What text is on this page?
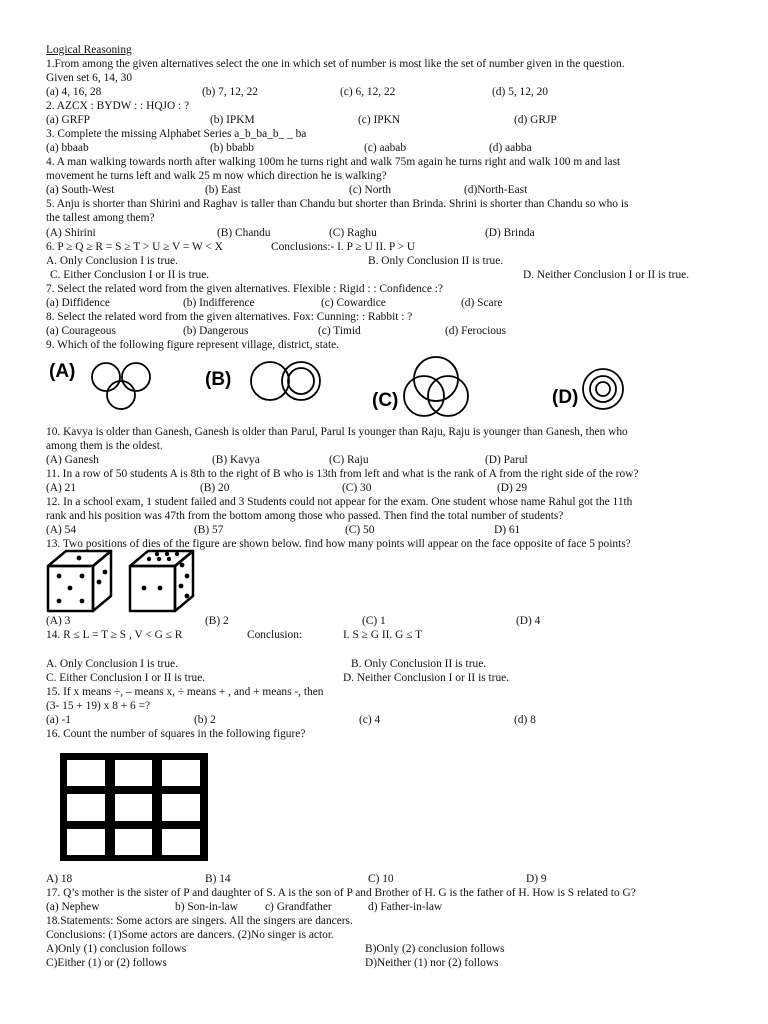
Logical Reasoning
1.From among the given alternatives select the one in which set of number is most like the set of number given in the question.
Given set 6, 14, 30
(a) 4, 16, 28	(b) 7, 12, 22	(c) 6, 12, 22	(d) 5, 12, 20
2. AZCX : BYDW : : HQJO : ?
(a) GRFP	(b) IPKM	(c) IPKN	(d) GRJP
3. Complete the missing Alphabet Series a_b_ba_b_ _ ba
(a) bbaab	(b) bbabb	(c) aabab	(d) aabba
4. A man walking towards north after walking 100m he turns right and walk 75m again he turns right and walk 100 m and last
movement he turns left and walk 25 m now which direction he is walking?
(a) South-West	(b) East	(c) North	(d)North-East
5. Anju is shorter than Shirini and Raghav is taller than Chandu but shorter than Brinda. Shrini is shorter than Chandu so who is
the tallest among them?
(A) Shirini	(B) Chandu	(C) Raghu	(D) Brinda
6. P ≥ Q ≥ R = S ≥ T > U ≥ V = W < X	Conclusions:- I. P ≥ U II. P > U
A. Only Conclusion I is true.	B. Only Conclusion II is true.
C. Either Conclusion I or II is true.	D. Neither Conclusion I or II is true.
7. Select the related word from the given alternatives. Flexible : Rigid : : Confidence :?
(a) Diffidence	(b) Indifference	(c) Cowardice	(d) Scare
8. Select the related word from the given alternatives. Fox: Cunning: : Rabbit : ?
(a) Courageous	(b) Dangerous	(c) Timid	(d) Ferocious
9. Which of the following figure represent village, district, state.
(A)	(B)
(C)	(D)
10. Kavya is older than Ganesh, Ganesh is older than Parul, Parul Is younger than Raju, Raju is younger than Ganesh, then who
among them is the oldest.
(A) Ganesh	(B) Kavya	(C) Raju	(D) Parul
11. In a row of 50 students A is 8th to the right of B who is 13th from left and what is the rank of A from the right side of the row?
(A) 21	(B) 20	(C) 30	(D) 29
12. In a school exam, 1 student failed and 3 Students could not appear for the exam. One student whose name Rahul got the 11th
rank and his position was 47th from the bottom among those who passed. Then find the total number of students?
(A) 54	(B) 57	(C) 50	D) 61
13. Two positions of dies of the figure are shown below. find how many points will appear on the face opposite of face 5 points?
(A) 3	(B) 2	(C) 1	(D) 4
14. R ≤ L = T ≥ S , V < G ≤ R	Conclusion:	I. S ≥ G II. G ≤ T
A. Only Conclusion I is true.	B. Only Conclusion II is true.
C. Either Conclusion I or II is true.	D. Neither Conclusion I or II is true.
15. If x means ÷, – means x, ÷ means + , and + means -, then
(3- 15 + 19) x 8 + 6 =?
(a) -1	(b) 2	(c) 4	(d) 8
16. Count the number of squares in the following figure?
A) 18	B) 14	C) 10	D) 9
17. Q’s mother is the sister of P and daughter of S. A is the son of P and Brother of H. G is the father of H. How is S related to G?
(a) Nephew	b) Son-in-law c) Grandfather	d) Father-in-law
18.Statements: Some actors are singers. All the singers are dancers.
Conclusions: (1)Some actors are dancers. (2)No singer is actor.
A)Only (1) conclusion follows	B)Only (2) conclusion follows
C)Either (1) or (2) follows	D)Neither (1) nor (2) follows
